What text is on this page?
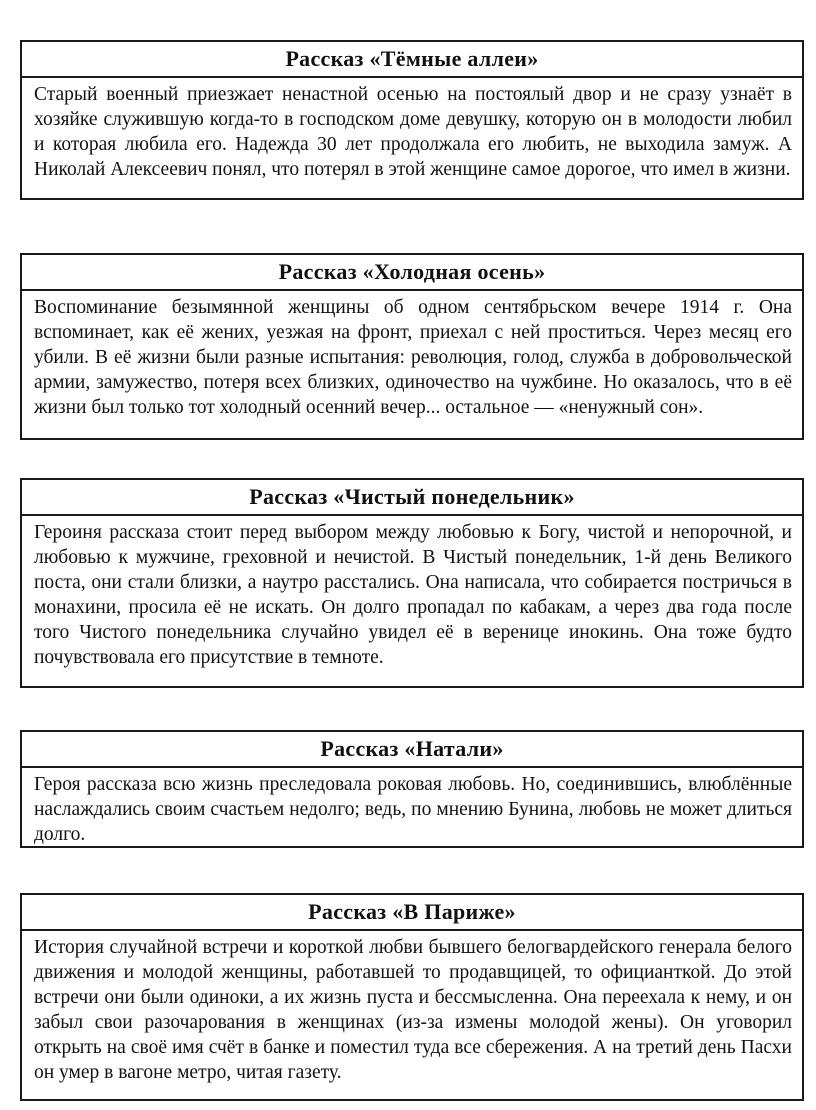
Рассказ «Тёмные аллеи»
Старый военный приезжает ненастной осенью на постоялый двор и не сразу узнаёт в хозяйке служившую когда-то в господском доме девушку, которую он в молодости любил и которая любила его. Надежда 30 лет продолжала его любить, не выходила замуж. А Николай Алексеевич понял, что потерял в этой женщине самое дорогое, что имел в жизни.
Рассказ «Холодная осень»
Воспоминание безымянной женщины об одном сентябрьском вечере 1914 г. Она вспоминает, как её жених, уезжая на фронт, приехал с ней проститься. Через месяц его убили. В её жизни были разные испытания: революция, голод, служба в добровольческой армии, замужество, потеря всех близких, одиночество на чужбине. Но оказалось, что в её жизни был только тот холодный осенний вечер... остальное — «ненужный сон».
Рассказ «Чистый понедельник»
Героиня рассказа стоит перед выбором между любовью к Богу, чистой и непорочной, и любовью к мужчине, греховной и нечистой. В Чистый понедельник, 1-й день Великого поста, они стали близки, а наутро расстались. Она написала, что собирается постричься в монахини, просила её не искать. Он долго пропадал по кабакам, а через два года после того Чистого понедельника случайно увидел её в веренице инокинь. Она тоже будто почувствовала его присутствие в темноте.
Рассказ «Натали»
Героя рассказа всю жизнь преследовала роковая любовь. Но, соединившись, влюблённые наслаждались своим счастьем недолго; ведь, по мнению Бунина, любовь не может длиться долго.
Рассказ «В Париже»
История случайной встречи и короткой любви бывшего белогвардейского генерала белого движения и молодой женщины, работавшей то продавщицей, то официанткой. До этой встречи они были одиноки, а их жизнь пуста и бессмысленна. Она переехала к нему, и он забыл свои разочарования в женщинах (из-за измены молодой жены). Он уговорил открыть на своё имя счёт в банке и поместил туда все сбережения. А на третий день Пасхи он умер в вагоне метро, читая газету.
